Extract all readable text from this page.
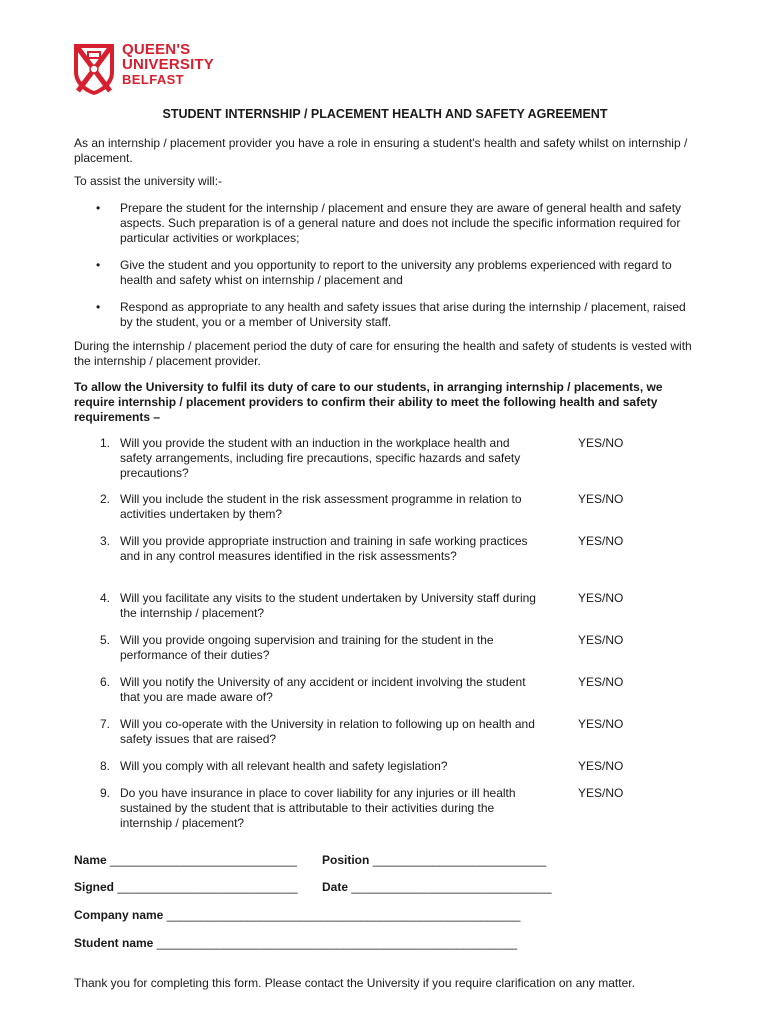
QUEEN'S
UNIVERSITY
BELFAST
STUDENT INTERNSHIP / PLACEMENT HEALTH AND SAFETY AGREEMENT
As an internship / placement provider you have a role in ensuring a student's health and safety whilst on internship / placement.
To assist the university will:-
• Prepare the student for the internship / placement and ensure they are aware of general health and safety aspects. Such preparation is of a general nature and does not include the specific information required for particular activities or workplaces;
• Give the student and you opportunity to report to the university any problems experienced with regard to health and safety whist on internship / placement and
• Respond as appropriate to any health and safety issues that arise during the internship / placement, raised by the student, you or a member of University staff.
During the internship / placement period the duty of care for ensuring the health and safety of students is vested with the internship / placement provider.
To allow the University to fulfil its duty of care to our students, in arranging internship / placements, we require internship / placement providers to confirm their ability to meet the following health and safety requirements –
1. Will you provide the student with an induction in the workplace health and safety arrangements, including fire precautions, specific hazards and safety precautions?
YES/NO
2. Will you include the student in the risk assessment programme in relation to activities undertaken by them?
YES/NO
3. Will you provide appropriate instruction and training in safe working practices and in any control measures identified in the risk assessments?
YES/NO
4. Will you facilitate any visits to the student undertaken by University staff during the internship / placement?
YES/NO
5. Will you provide ongoing supervision and training for the student in the performance of their duties?
YES/NO
6. Will you notify the University of any accident or incident involving the student that you are made aware of?
YES/NO
7. Will you co-operate with the University in relation to following up on health and safety issues that are raised?
YES/NO
8. Will you comply with all relevant health and safety legislation?	YES/NO
9. Do you have insurance in place to cover liability for any injuries or ill health sustained by the student that is attributable to their activities during the internship / placement?
YES/NO
Name ____________________________ Position __________________________
Signed ___________________________ Date ______________________________
Company name _____________________________________________________
Student name ______________________________________________________
Thank you for completing this form. Please contact the University if you require clarification on any matter.
